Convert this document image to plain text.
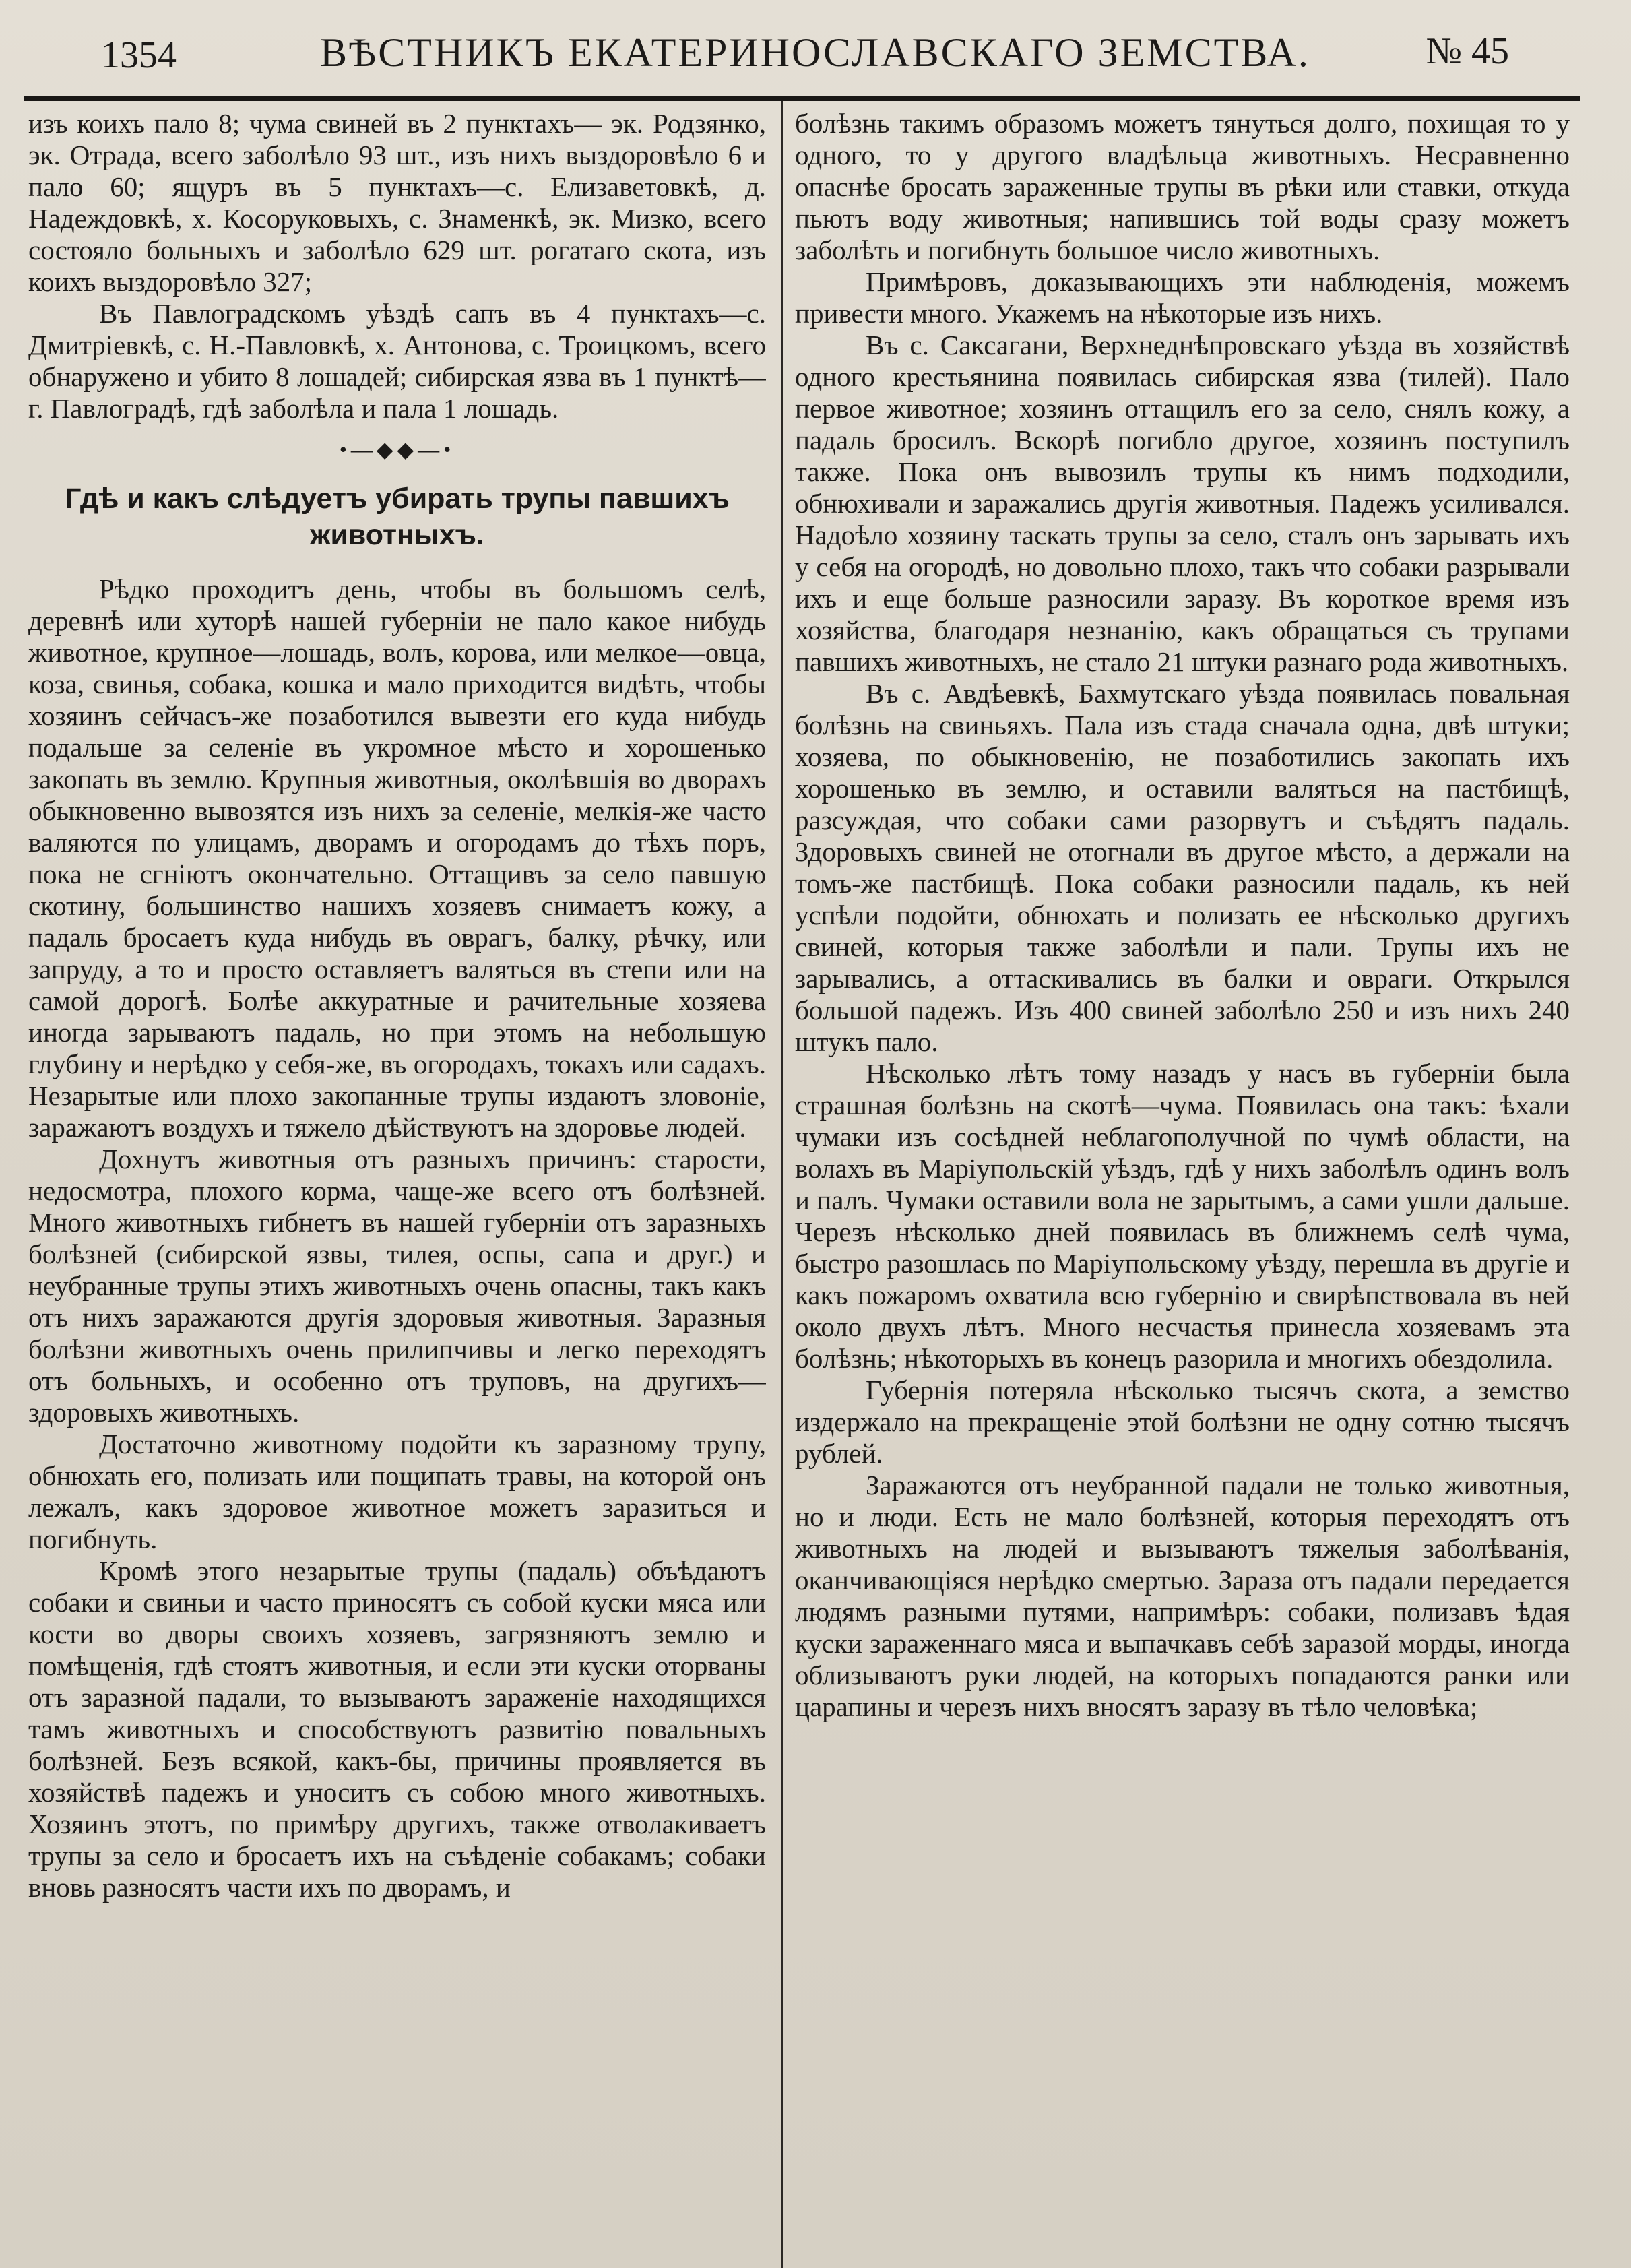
1354	ВѢСТНИКЪ ЕКАТЕРИНОСЛАВСКАГО ЗЕМСТВА.	№ 45

изъ коихъ пало 8; чума свиней въ 2 пунктахъ— эк. Родзянко, эк. Отрада, всего заболѣло 93 шт., изъ нихъ выздоровѣло 6 и пало 60; ящуръ въ 5 пунктахъ—с. Елизаветовкѣ, д. Надеждовкѣ, х. Косоруковыхъ, с. Знаменкѣ, эк. Мизко, всего состояло больныхъ и заболѣло 629 шт. рогатаго скота, изъ коихъ выздоровѣло 327;

Въ Павлоградскомъ уѣздѣ сапъ въ 4 пунктахъ—с. Дмитріевкѣ, с. Н.-Павловкѣ, х. Антонова, с. Троицкомъ, всего обнаружено и убито 8 лошадей; сибирская язва въ 1 пунктѣ—г. Павлоградѣ, гдѣ заболѣла и пала 1 лошадь.

•—◆◆—•
Гдѣ и какъ слѣдуетъ убирать трупы павшихъ животныхъ.

Рѣдко проходитъ день, чтобы въ большомъ селѣ, деревнѣ или хуторѣ нашей губерніи не пало какое нибудь животное, крупное—лошадь, волъ, корова, или мелкое—овца, коза, свинья, собака, кошка и мало приходится видѣть, чтобы хозяинъ сейчасъ-же позаботился вывезти его куда нибудь подальше за селеніе въ укромное мѣсто и хорошенько закопать въ землю. Крупныя животныя, околѣвшія во дворахъ обыкновенно вывозятся изъ нихъ за селеніе, мелкія-же часто валяются по улицамъ, дворамъ и огородамъ до тѣхъ поръ, пока не сгніютъ окончательно. Оттащивъ за село павшую скотину, большинство нашихъ хозяевъ снимаетъ кожу, а падаль бросаетъ куда нибудь въ оврагъ, балку, рѣчку, или запруду, а то и просто оставляетъ валяться въ степи или на самой дорогѣ. Болѣе аккуратные и рачительные хозяева иногда зарываютъ падаль, но при этомъ на небольшую глубину и нерѣдко у себя-же, въ огородахъ, токахъ или садахъ. Незарытые или плохо закопанные трупы издаютъ зловоніе, заражаютъ воздухъ и тяжело дѣйствуютъ на здоровье людей.

Дохнутъ животныя отъ разныхъ причинъ: старости, недосмотра, плохого корма, чаще-же всего отъ болѣзней. Много животныхъ гибнетъ въ нашей губерніи отъ заразныхъ болѣзней (сибирской язвы, тилея, оспы, сапа и друг.) и неубранные трупы этихъ животныхъ очень опасны, такъ какъ отъ нихъ заражаются другія здоровыя животныя. Заразныя болѣзни животныхъ очень прилипчивы и легко переходятъ отъ больныхъ, и особенно отъ труповъ, на другихъ—здоровыхъ животныхъ.

Достаточно животному подойти къ заразному трупу, обнюхать его, полизать или пощипать травы, на которой онъ лежалъ, какъ здоровое животное можетъ заразиться и погибнуть.

Кромѣ этого незарытые трупы (падаль) объѣдаютъ собаки и свиньи и часто приносятъ съ собой куски мяса или кости во дворы своихъ хозяевъ, загрязняютъ землю и помѣщенія, гдѣ стоятъ животныя, и если эти куски оторваны отъ заразной падали, то вызываютъ зараженіе находящихся тамъ животныхъ и способствуютъ развитію повальныхъ болѣзней. Безъ всякой, какъ-бы, причины проявляется въ хозяйствѣ падежъ и уноситъ съ собою много животныхъ. Хозяинъ этотъ, по примѣру другихъ, также отволакиваетъ трупы за село и бросаетъ ихъ на съѣденіе собакамъ; собаки вновь разносятъ части ихъ по дворамъ, и

болѣзнь такимъ образомъ можетъ тянуться долго, похищая то у одного, то у другого владѣльца животныхъ. Несравненно опаснѣе бросать зараженные трупы въ рѣки или ставки, откуда пьютъ воду животныя; напившись той воды сразу можетъ заболѣть и погибнуть большое число животныхъ.

Примѣровъ, доказывающихъ эти наблюденія, можемъ привести много. Укажемъ на нѣкоторые изъ нихъ.

Въ с. Саксагани, Верхнеднѣпровскаго уѣзда въ хозяйствѣ одного крестьянина появилась сибирская язва (тилей). Пало первое животное; хозяинъ оттащилъ его за село, снялъ кожу, а падаль бросилъ. Вскорѣ погибло другое, хозяинъ поступилъ также. Пока онъ вывозилъ трупы къ нимъ подходили, обнюхивали и заражались другія животныя. Падежъ усиливался. Надоѣло хозяину таскать трупы за село, сталъ онъ зарывать ихъ у себя на огородѣ, но довольно плохо, такъ что собаки разрывали ихъ и еще больше разносили заразу. Въ короткое время изъ хозяйства, благодаря незнанію, какъ обращаться съ трупами павшихъ животныхъ, не стало 21 штуки разнаго рода животныхъ.

Въ с. Авдѣевкѣ, Бахмутскаго уѣзда появилась повальная болѣзнь на свиньяхъ. Пала изъ стада сначала одна, двѣ штуки; хозяева, по обыкновенію, не позаботились закопать ихъ хорошенько въ землю, и оставили валяться на пастбищѣ, разсуждая, что собаки сами разорвутъ и съѣдятъ падаль. Здоровыхъ свиней не отогнали въ другое мѣсто, а держали на томъ-же пастбищѣ. Пока собаки разносили падаль, къ ней успѣли подойти, обнюхать и полизать ее нѣсколько другихъ свиней, которыя также заболѣли и пали. Трупы ихъ не зарывались, а оттаскивались въ балки и овраги. Открылся большой падежъ. Изъ 400 свиней заболѣло 250 и изъ нихъ 240 штукъ пало.

Нѣсколько лѣтъ тому назадъ у насъ въ губерніи была страшная болѣзнь на скотѣ—чума. Появилась она такъ: ѣхали чумаки изъ сосѣдней неблагополучной по чумѣ области, на волахъ въ Маріупольскій уѣздъ, гдѣ у нихъ заболѣлъ одинъ волъ и палъ. Чумаки оставили вола не зарытымъ, а сами ушли дальше. Черезъ нѣсколько дней появилась въ ближнемъ селѣ чума, быстро разошлась по Маріупольскому уѣзду, перешла въ другіе и какъ пожаромъ охватила всю губернію и свирѣпствовала въ ней около двухъ лѣтъ. Много несчастья принесла хозяевамъ эта болѣзнь; нѣкоторыхъ въ конецъ разорила и многихъ обездолила.

Губернія потеряла нѣсколько тысячъ скота, а земство издержало на прекращеніе этой болѣзни не одну сотню тысячъ рублей.

Заражаются отъ неубранной падали не только животныя, но и люди. Есть не мало болѣзней, которыя переходятъ отъ животныхъ на людей и вызываютъ тяжелыя заболѣванія, оканчивающіяся нерѣдко смертью. Зараза отъ падали передается людямъ разными путями, напримѣръ: собаки, полизавъ ѣдая куски зараженнаго мяса и выпачкавъ себѣ заразой морды, иногда облизываютъ руки людей, на которыхъ попадаются ранки или царапины и черезъ нихъ вносятъ заразу въ тѣло человѣка;
